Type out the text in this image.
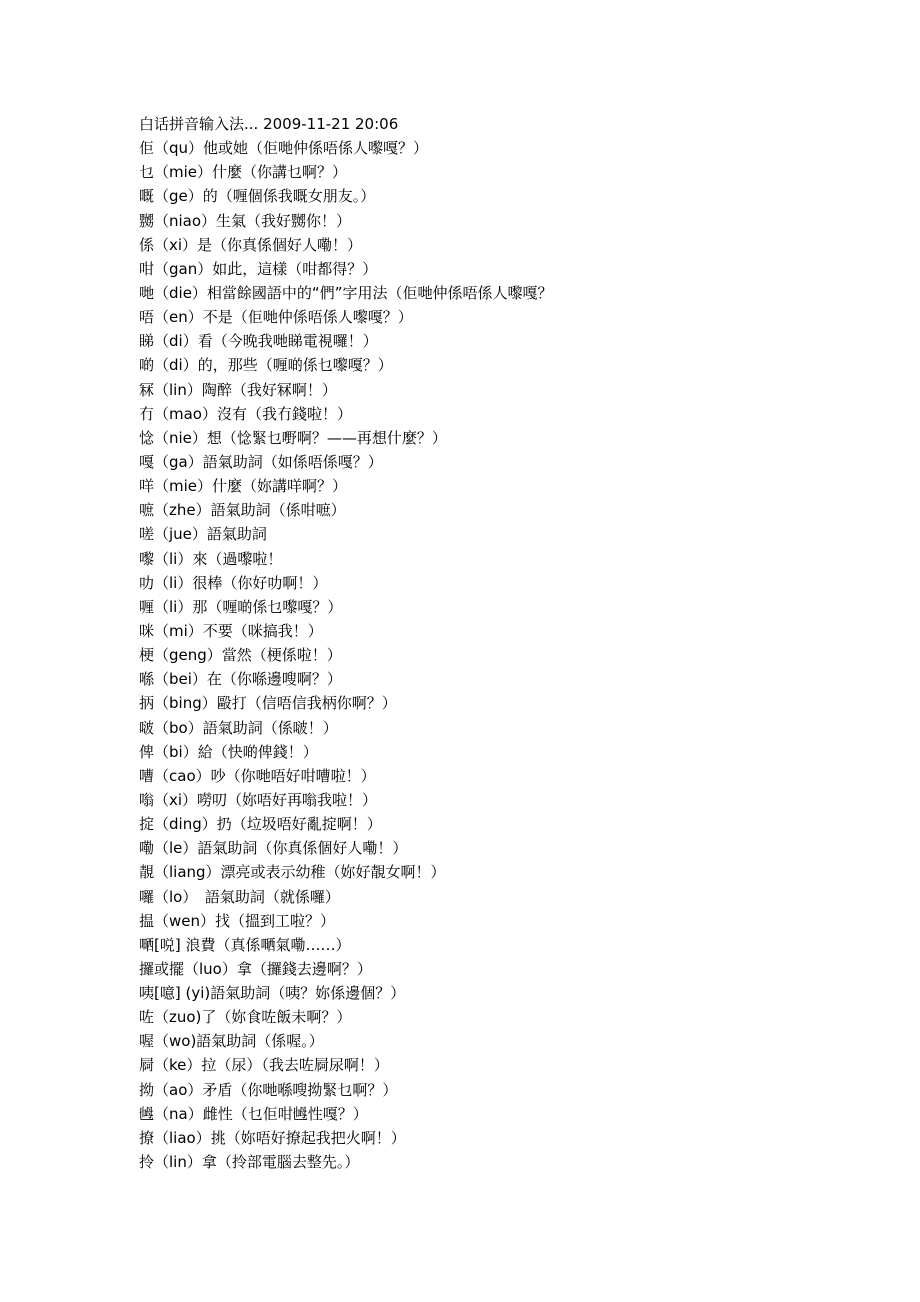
白话拼音输入法... 2009-11-21 20:06
佢（qu）他或她（佢哋仲係唔係人嚟嘎？）
乜（mie）什麼（你講乜啊？）
嘅（ge）的（喱個係我嘅女朋友。）
嬲（niao）生氣（我好嬲你！）
係（xi）是（你真係個好人嘞！）
咁（gan）如此，這樣（咁都得？）
哋（die）相當餘國語中的“們”字用法（佢哋仲係唔係人嚟嘎？
唔（en）不是（佢哋仲係唔係人嚟嘎？）
睇（di）看（今晚我哋睇電視囉！）
啲（di）的，那些（喱啲係乜嚟嘎？）
冧（lin）陶醉（我好冧啊！）
冇（mao）沒有（我冇錢啦！）
惗（nie）想（惗緊乜嘢啊？——再想什麼？）
嘎（ga）語氣助詞（如係唔係嘎？）
咩（mie）什麼（妳講咩啊？）
嗻（zhe）語氣助詞（係咁嗻）
嗟（jue）語氣助詞
嚟（li）來（過嚟啦！
叻（li）很棒（你好叻啊！）
喱（li）那（喱啲係乜嚟嘎？）
咪（mi）不要（咪搞我！）
梗（geng）當然（梗係啦！）
喺（bei）在（你喺邊嗖啊？）
抦（bing）毆打（信唔信我柄你啊？）
啵（bo）語氣助詞（係啵！）
俾（bi）給（快啲俾錢！）
嘈（cao）吵（你哋唔好咁嘈啦！）
嗡（xi）嘮叨（妳唔好再嗡我啦！）
掟（ding）扔（垃圾唔好亂掟啊！）
嘞（le）語氣助詞（你真係個好人嘞！）
靚（liang）漂亮或表示幼稚（妳好靚女啊！）
囉（lo）　語氣助詞（就係囉）
揾（wen）找（搵到工啦？）
嗮[哾] 浪費（真係嗮氣嘞……）
攞或擺（luo）拿（攞錢去邊啊？）
咦[噫] (yi)語氣助詞（咦？妳係邊個？）
咗（zuo)了（妳食咗飯未啊？）
喔（wo)語氣助詞（係喔。）
屙（ke）拉（尿）（我去咗屙尿啊！）
拗（ao）矛盾（你哋喺嗖拗緊乜啊？）
乸（na）雌性（乜佢咁乸性嘎？）
撩（liao）挑（妳唔好撩起我把火啊！）
拎（lin）拿（拎部電腦去整先。）
